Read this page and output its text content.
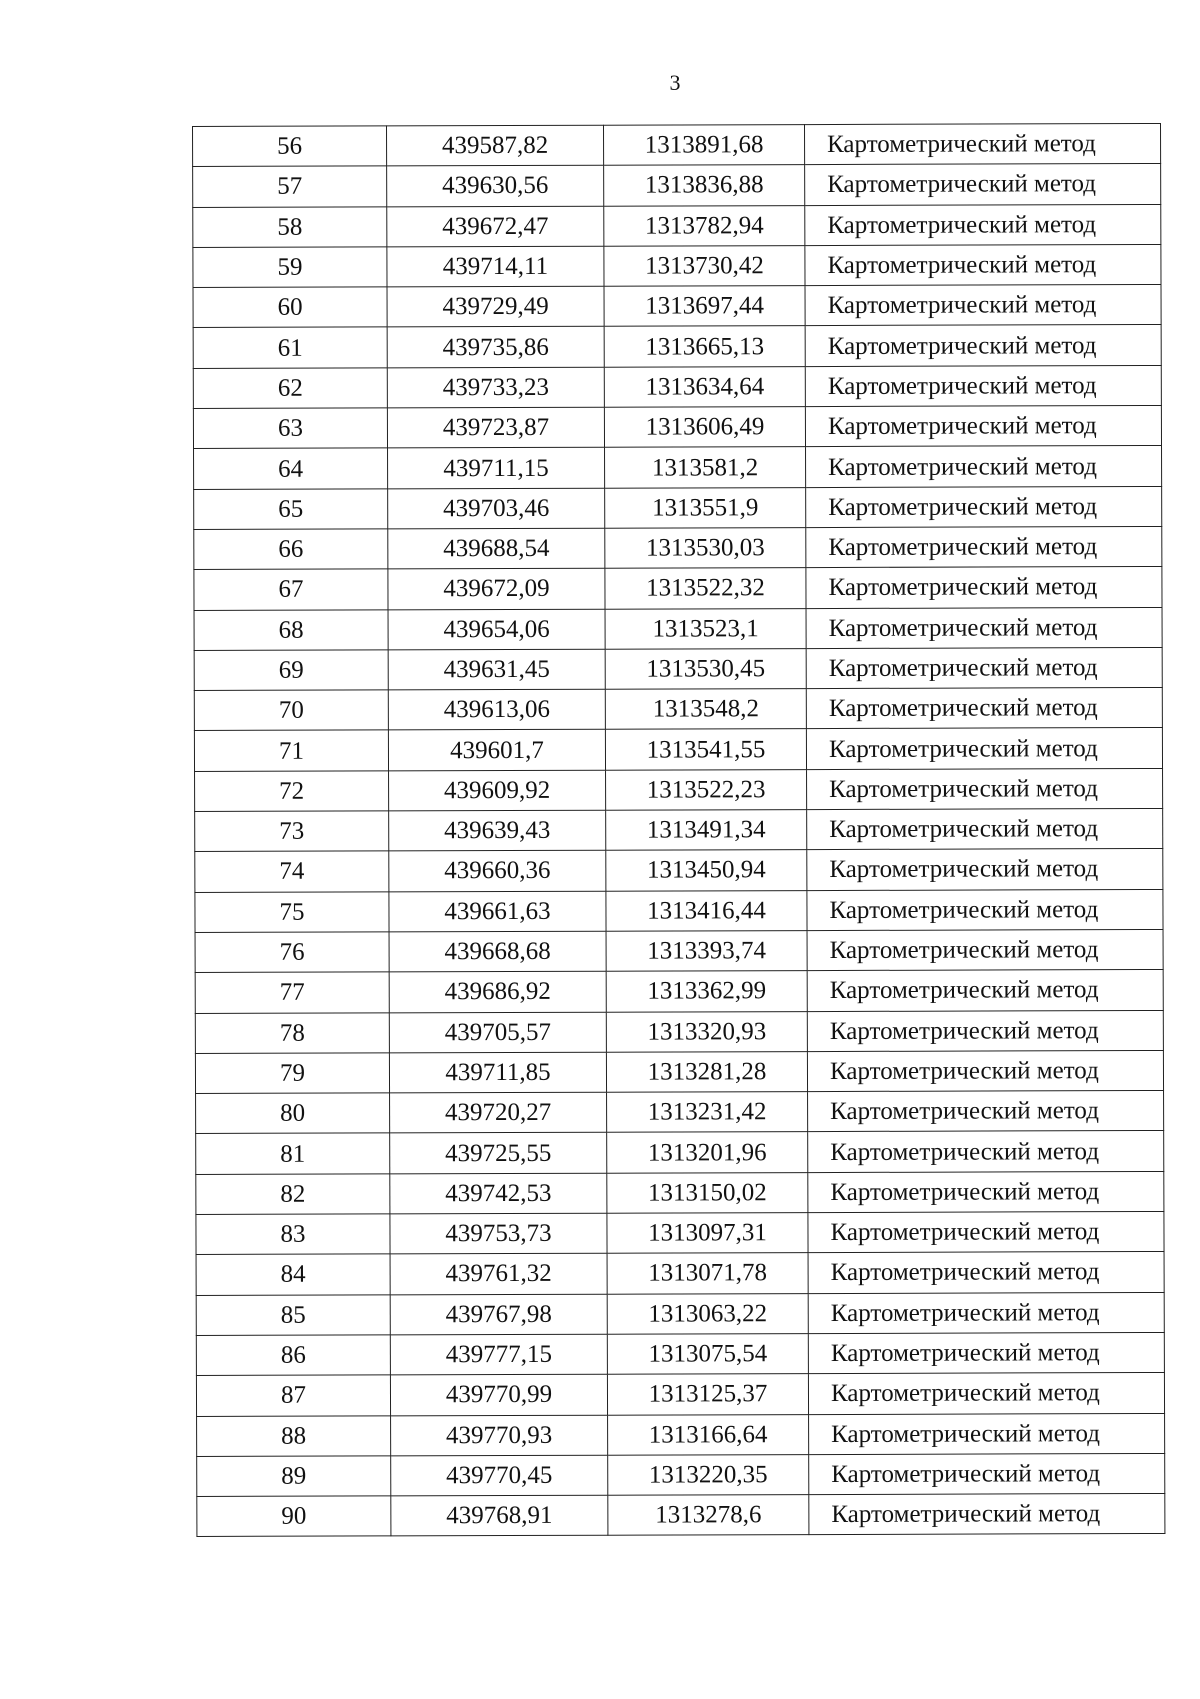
3
56	439587,82	1313891,68	Картометрический метод
57	439630,56	1313836,88	Картометрический метод
58	439672,47	1313782,94	Картометрический метод
59	439714,11	1313730,42	Картометрический метод
60	439729,49	1313697,44	Картометрический метод
61	439735,86	1313665,13	Картометрический метод
62	439733,23	1313634,64	Картометрический метод
63	439723,87	1313606,49	Картометрический метод
64	439711,15	1313581,2	Картометрический метод
65	439703,46	1313551,9	Картометрический метод
66	439688,54	1313530,03	Картометрический метод
67	439672,09	1313522,32	Картометрический метод
68	439654,06	1313523,1	Картометрический метод
69	439631,45	1313530,45	Картометрический метод
70	439613,06	1313548,2	Картометрический метод
71	439601,7	1313541,55	Картометрический метод
72	439609,92	1313522,23	Картометрический метод
73	439639,43	1313491,34	Картометрический метод
74	439660,36	1313450,94	Картометрический метод
75	439661,63	1313416,44	Картометрический метод
76	439668,68	1313393,74	Картометрический метод
77	439686,92	1313362,99	Картометрический метод
78	439705,57	1313320,93	Картометрический метод
79	439711,85	1313281,28	Картометрический метод
80	439720,27	1313231,42	Картометрический метод
81	439725,55	1313201,96	Картометрический метод
82	439742,53	1313150,02	Картометрический метод
83	439753,73	1313097,31	Картометрический метод
84	439761,32	1313071,78	Картометрический метод
85	439767,98	1313063,22	Картометрический метод
86	439777,15	1313075,54	Картометрический метод
87	439770,99	1313125,37	Картометрический метод
88	439770,93	1313166,64	Картометрический метод
89	439770,45	1313220,35	Картометрический метод
90	439768,91	1313278,6	Картометрический метод
